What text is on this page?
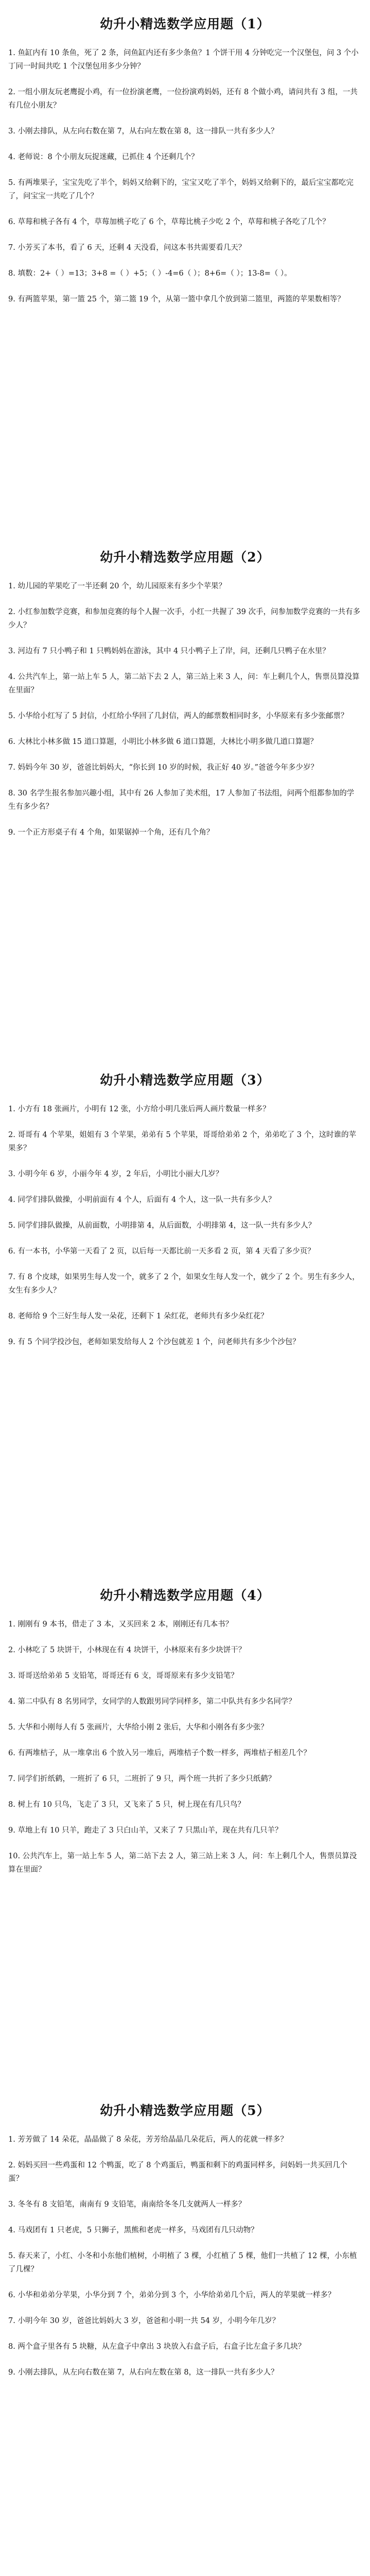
幼升小精选数学应用题（1）

1. 鱼缸内有 10 条鱼，死了 2 条，问鱼缸内还有多少条鱼？1 个饼干用 4 分钟吃完一个汉堡包，问 3 个小丁同一时间共吃 1 个汉堡包用多少分钟？

2. 一组小朋友玩老鹰捉小鸡，有一位扮演老鹰，一位扮演鸡妈妈，还有 8 个做小鸡，请问共有 3 组，一共有几位小朋友？

3. 小刚去排队，从左向右数在第 7，从右向左数在第 8，这一排队一共有多少人？

4. 老师说：8 个小朋友玩捉迷藏，已抓住 4 个还剩几个？

5. 有两堆果子，宝宝先吃了半个，妈妈又给剩下的，宝宝又吃了半个，妈妈又给剩下的，最后宝宝都吃完了，问宝宝一共吃了几个？

6. 草莓和桃子各有 4 个，草莓加桃子吃了 6 个，草莓比桃子少吃 2 个，草莓和桃子各吃了几个？

7. 小芳买了本书，看了 6 天，还剩 4 天没看，问这本书共需要看几天？

8. 填数：2+（ ）=13；3+8 =（ ）+5；（ ）-4=6（ ）；8+6=（ ）；13-8=（ ）。

9. 有两篮苹果，第一篮 25 个，第二篮 19 个，从第一篮中拿几个放到第二篮里，两篮的苹果数相等？

幼升小精选数学应用题（2）

1. 幼儿园的苹果吃了一半还剩 20 个，幼儿园原来有多少个苹果？

2. 小红参加数学竞赛，和参加竞赛的每个人握一次手，小红一共握了 39 次手，问参加数学竞赛的一共有多少人？

3. 河边有 7 只小鸭子和 1 只鸭妈妈在游泳，其中 4 只小鸭子上了岸，问，还剩几只鸭子在水里？

4. 公共汽车上，第一站上车 5 人，第二站下去 2 人，第三站上来 3 人，问：车上剩几个人，售票员算没算在里面？

5. 小华给小红写了 5 封信，小红给小华回了几封信，两人的邮票数相同时多，小华原来有多少张邮票？

6. 大林比小林多做 15 道口算题，小明比小林多做 6 道口算题，大林比小明多做几道口算题？

7. 妈妈今年 30 岁，爸爸比妈妈大，“你长到 10 岁的时候，我正好 40 岁。”爸爸今年多少岁？

8. 30 名学生报名参加兴趣小组，其中有 26 人参加了美术组，17 人参加了书法组，问两个组都参加的学生有多少名？

9. 一个正方形桌子有 4 个角，如果锯掉一个角，还有几个角？

幼升小精选数学应用题（3）

1. 小方有 18 张画片，小明有 12 张，小方给小明几张后两人画片数量一样多？

2. 哥哥有 4 个苹果，姐姐有 3 个苹果，弟弟有 5 个苹果，哥哥给弟弟 2 个，弟弟吃了 3 个，这时谁的苹果多？

3. 小明今年 6 岁，小丽今年 4 岁，2 年后，小明比小丽大几岁？

4. 同学们排队做操，小明前面有 4 个人，后面有 4 个人，这一队一共有多少人？

5. 同学们排队做操，从前面数，小明排第 4，从后面数，小明排第 4，这一队一共有多少人？

6. 有一本书，小华第一天看了 2 页，以后每一天都比前一天多看 2 页，第 4 天看了多少页？

7. 有 8 个皮球，如果男生每人发一个，就多了 2 个，如果女生每人发一个，就少了 2 个。男生有多少人，女生有多少人？

8. 老师给 9 个三好生每人发一朵花，还剩下 1 朵红花，老师共有多少朵红花？

9. 有 5 个同学投沙包，老师如果发给每人 2 个沙包就差 1 个，问老师共有多少个沙包？

幼升小精选数学应用题（4）

1. 刚刚有 9 本书，借走了 3 本，又买回来 2 本，刚刚还有几本书？

2. 小林吃了 5 块饼干，小林现在有 4 块饼干，小林原来有多少块饼干？

3. 哥哥送给弟弟 5 支铅笔，哥哥还有 6 支，哥哥原来有多少支铅笔？

4. 第二中队有 8 名男同学，女同学的人数跟男同学同样多，第二中队共有多少名同学？

5. 大华和小刚每人有 5 张画片，大华给小刚 2 张后，大华和小刚各有多少张？

6. 有两堆桔子，从一堆拿出 6 个放入另一堆后，两堆桔子个数一样多，两堆桔子相差几个？

7. 同学们折纸鹤，一班折了 6 只，二班折了 9 只，两个班一共折了多少只纸鹤？

8. 树上有 10 只鸟，飞走了 3 只，又飞来了 5 只，树上现在有几只鸟？

9. 草地上有 10 只羊，跑走了 3 只白山羊，又来了 7 只黑山羊，现在共有几只羊？

10. 公共汽车上，第一站上车 5 人，第二站下去 2 人，第三站上来 3 人，问：车上剩几个人，售票员算没算在里面？

幼升小精选数学应用题（5）

1. 芳芳做了 14 朵花，晶晶做了 8 朵花，芳芳给晶晶几朵花后，两人的花就一样多？

2. 妈妈买回一些鸡蛋和 12 个鸭蛋，吃了 8 个鸡蛋后，鸭蛋和剩下的鸡蛋同样多，问妈妈一共买回几个蛋？

3. 冬冬有 8 支铅笔，南南有 9 支铅笔，南南给冬冬几支就两人一样多？

4. 马戏团有 1 只老虎，5 只狮子，黑熊和老虎一样多，马戏团有几只动物？

5. 春天来了，小红、小冬和小东他们植树，小明植了 3 棵，小红植了 5 棵，他们一共植了 12 棵，小东植了几棵？

6. 小华和弟弟分苹果，小华分到 7 个，弟弟分到 3 个，小华给弟弟几个后，两人的苹果就一样多？

7. 小明今年 30 岁，爸爸比妈妈大 3 岁，爸爸和小明一共 54 岁，小明今年几岁？

8. 两个盒子里各有 5 块糖，从左盒子中拿出 3 块放入右盒子后，右盒子比左盒子多几块？

9. 小刚去排队，从左向右数在第 7，从右向左数在第 8，这一排队一共有多少人？
